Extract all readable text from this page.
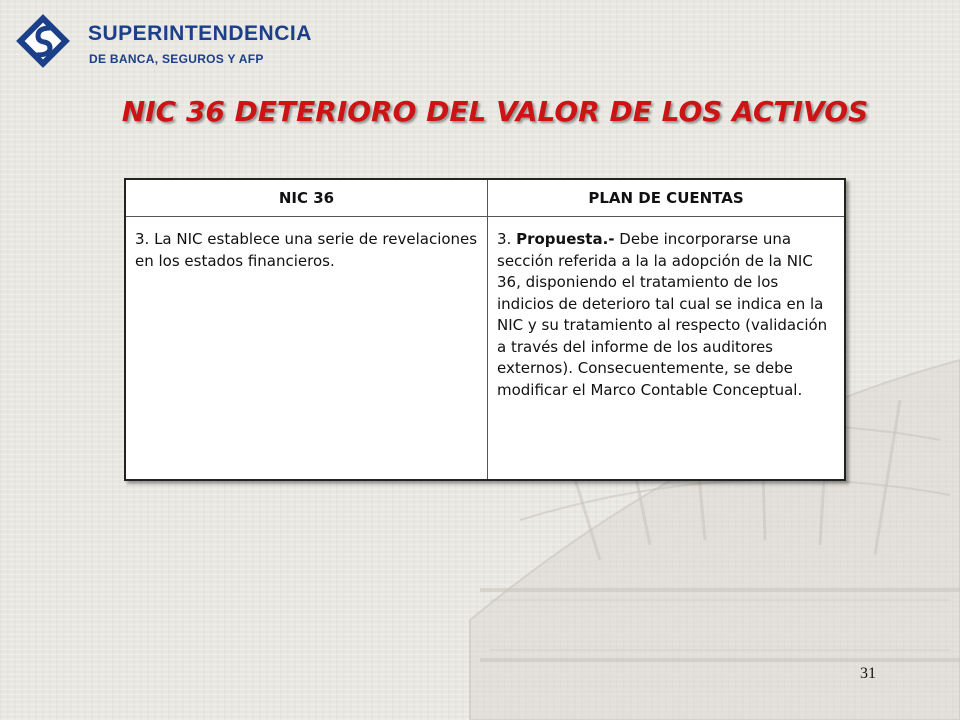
SUPERINTENDENCIA
DE BANCA, SEGUROS Y AFP
NIC 36 DETERIORO DEL VALOR DE LOS ACTIVOS
NIC 36	PLAN DE CUENTAS
3. La NIC establece una serie de revelaciones en los estados financieros.	3. Propuesta.- Debe incorporarse una sección referida a la la adopción de la NIC 36, disponiendo el tratamiento de los indicios de deterioro tal cual se indica en la NIC y su tratamiento al respecto (validación a través del informe de los auditores externos). Consecuentemente, se debe modificar el Marco Contable Conceptual.
31
